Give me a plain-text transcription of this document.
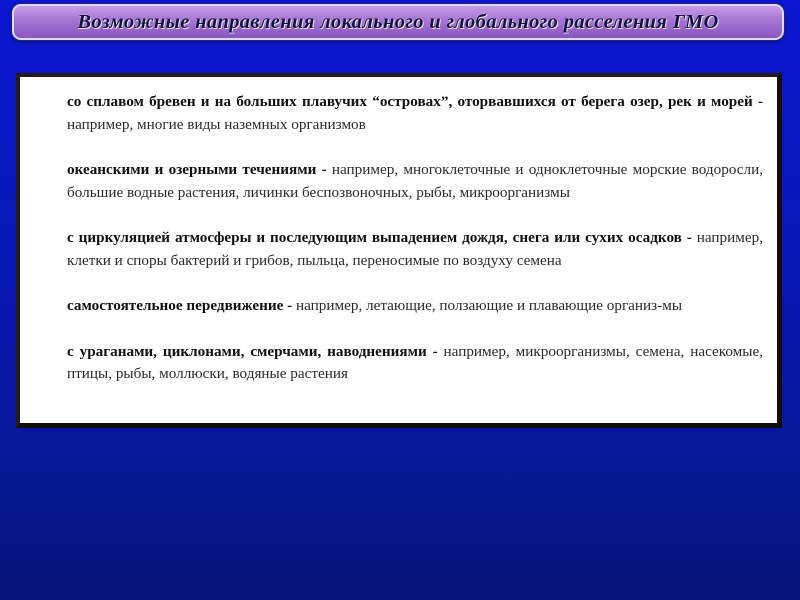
Возможные направления локального и глобального расселения ГМО

со сплавом бревен и на больших плавучих “островах”, оторвавшихся от берега озер, рек и морей - например, многие виды наземных организмов

океанскими и озерными течениями - например, многоклеточные и одноклеточные морские водоросли, большие водные растения, личинки беспозвоночных, рыбы, микроорганизмы

с циркуляцией атмосферы и последующим выпадением дождя, снега или сухих осадков - например, клетки и споры бактерий и грибов, пыльца, переносимые по воздуху семена

самостоятельное передвижение - например, летающие, ползающие и плавающие организ-мы

с ураганами, циклонами, смерчами, наводнениями - например, микроорганизмы, семена, насекомые, птицы, рыбы, моллюски, водяные растения
